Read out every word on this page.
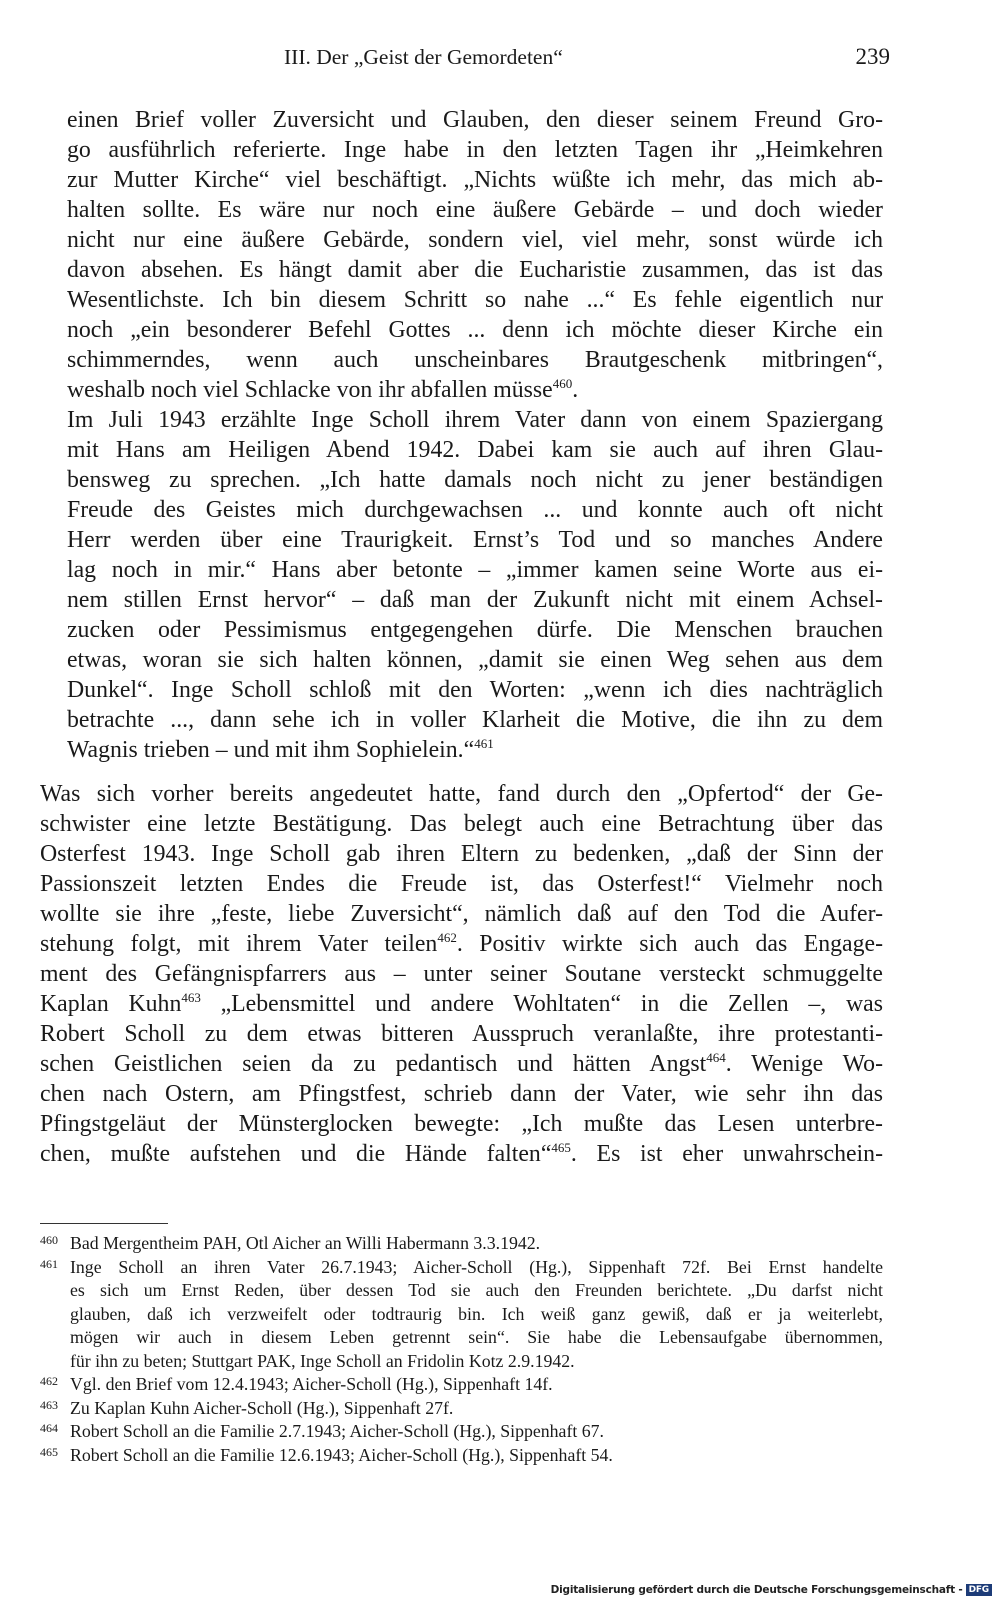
III. Der „Geist der Gemordeten“	239

einen Brief voller Zuversicht und Glauben, den dieser seinem Freund Gro-
go ausführlich referierte. Inge habe in den letzten Tagen ihr „Heimkehren
zur Mutter Kirche“ viel beschäftigt. „Nichts wüßte ich mehr, das mich ab-
halten sollte. Es wäre nur noch eine äußere Gebärde – und doch wieder
nicht nur eine äußere Gebärde, sondern viel, viel mehr, sonst würde ich
davon absehen. Es hängt damit aber die Eucharistie zusammen, das ist das
Wesentlichste. Ich bin diesem Schritt so nahe ...“ Es fehle eigentlich nur
noch „ein besonderer Befehl Gottes ... denn ich möchte dieser Kirche ein
schimmerndes, wenn auch unscheinbares Brautgeschenk mitbringen“,
weshalb noch viel Schlacke von ihr abfallen müsse$^{460}$.

Im Juli 1943 erzählte Inge Scholl ihrem Vater dann von einem Spaziergang
mit Hans am Heiligen Abend 1942. Dabei kam sie auch auf ihren Glau-
bensweg zu sprechen. „Ich hatte damals noch nicht zu jener beständigen
Freude des Geistes mich durchgewachsen ... und konnte auch oft nicht
Herr werden über eine Traurigkeit. Ernst’s Tod und so manches Andere
lag noch in mir.“ Hans aber betonte – „immer kamen seine Worte aus ei-
nem stillen Ernst hervor“ – daß man der Zukunft nicht mit einem Achsel-
zucken oder Pessimismus entgegengehen dürfe. Die Menschen brauchen
etwas, woran sie sich halten können, „damit sie einen Weg sehen aus dem
Dunkel“. Inge Scholl schloß mit den Worten: „wenn ich dies nachträglich
betrachte ..., dann sehe ich in voller Klarheit die Motive, die ihn zu dem
Wagnis trieben – und mit ihm Sophielein.“$^{461}$

Was sich vorher bereits angedeutet hatte, fand durch den „Opfertod“ der Ge-
schwister eine letzte Bestätigung. Das belegt auch eine Betrachtung über das
Osterfest 1943. Inge Scholl gab ihren Eltern zu bedenken, „daß der Sinn der
Passionszeit letzten Endes die Freude ist, das Osterfest!“ Vielmehr noch
wollte sie ihre „feste, liebe Zuversicht“, nämlich daß auf den Tod die Aufer-
stehung folgt, mit ihrem Vater teilen$^{462}$. Positiv wirkte sich auch das Engage-
ment des Gefängnispfarrers aus – unter seiner Soutane versteckt schmuggelte
Kaplan Kuhn$^{463}$ „Lebensmittel und andere Wohltaten“ in die Zellen –, was
Robert Scholl zu dem etwas bitteren Ausspruch veranlaßte, ihre protestanti-
schen Geistlichen seien da zu pedantisch und hätten Angst$^{464}$. Wenige Wo-
chen nach Ostern, am Pfingstfest, schrieb dann der Vater, wie sehr ihn das
Pfingstgeläut der Münsterglocken bewegte: „Ich mußte das Lesen unterbre-
chen, mußte aufstehen und die Hände falten“$^{465}$. Es ist eher unwahrschein-
460 Bad Mergentheim PAH, Otl Aicher an Willi Habermann 3.3.1942.
461 Inge Scholl an ihren Vater 26.7.1943; Aicher-Scholl (Hg.), Sippenhaft 72f. Bei Ernst handelte
es sich um Ernst Reden, über dessen Tod sie auch den Freunden berichtete. „Du darfst nicht
glauben, daß ich verzweifelt oder todtraurig bin. Ich weiß ganz gewiß, daß er ja weiterlebt,
mögen wir auch in diesem Leben getrennt sein“. Sie habe die Lebensaufgabe übernommen,
für ihn zu beten; Stuttgart PAK, Inge Scholl an Fridolin Kotz 2.9.1942.
462 Vgl. den Brief vom 12.4.1943; Aicher-Scholl (Hg.), Sippenhaft 14f.
463 Zu Kaplan Kuhn Aicher-Scholl (Hg.), Sippenhaft 27f.
464 Robert Scholl an die Familie 2.7.1943; Aicher-Scholl (Hg.), Sippenhaft 67.
465 Robert Scholl an die Familie 12.6.1943; Aicher-Scholl (Hg.), Sippenhaft 54.
Digitalisierung gefördert durch die Deutsche Forschungsgemeinschaft - DFG
